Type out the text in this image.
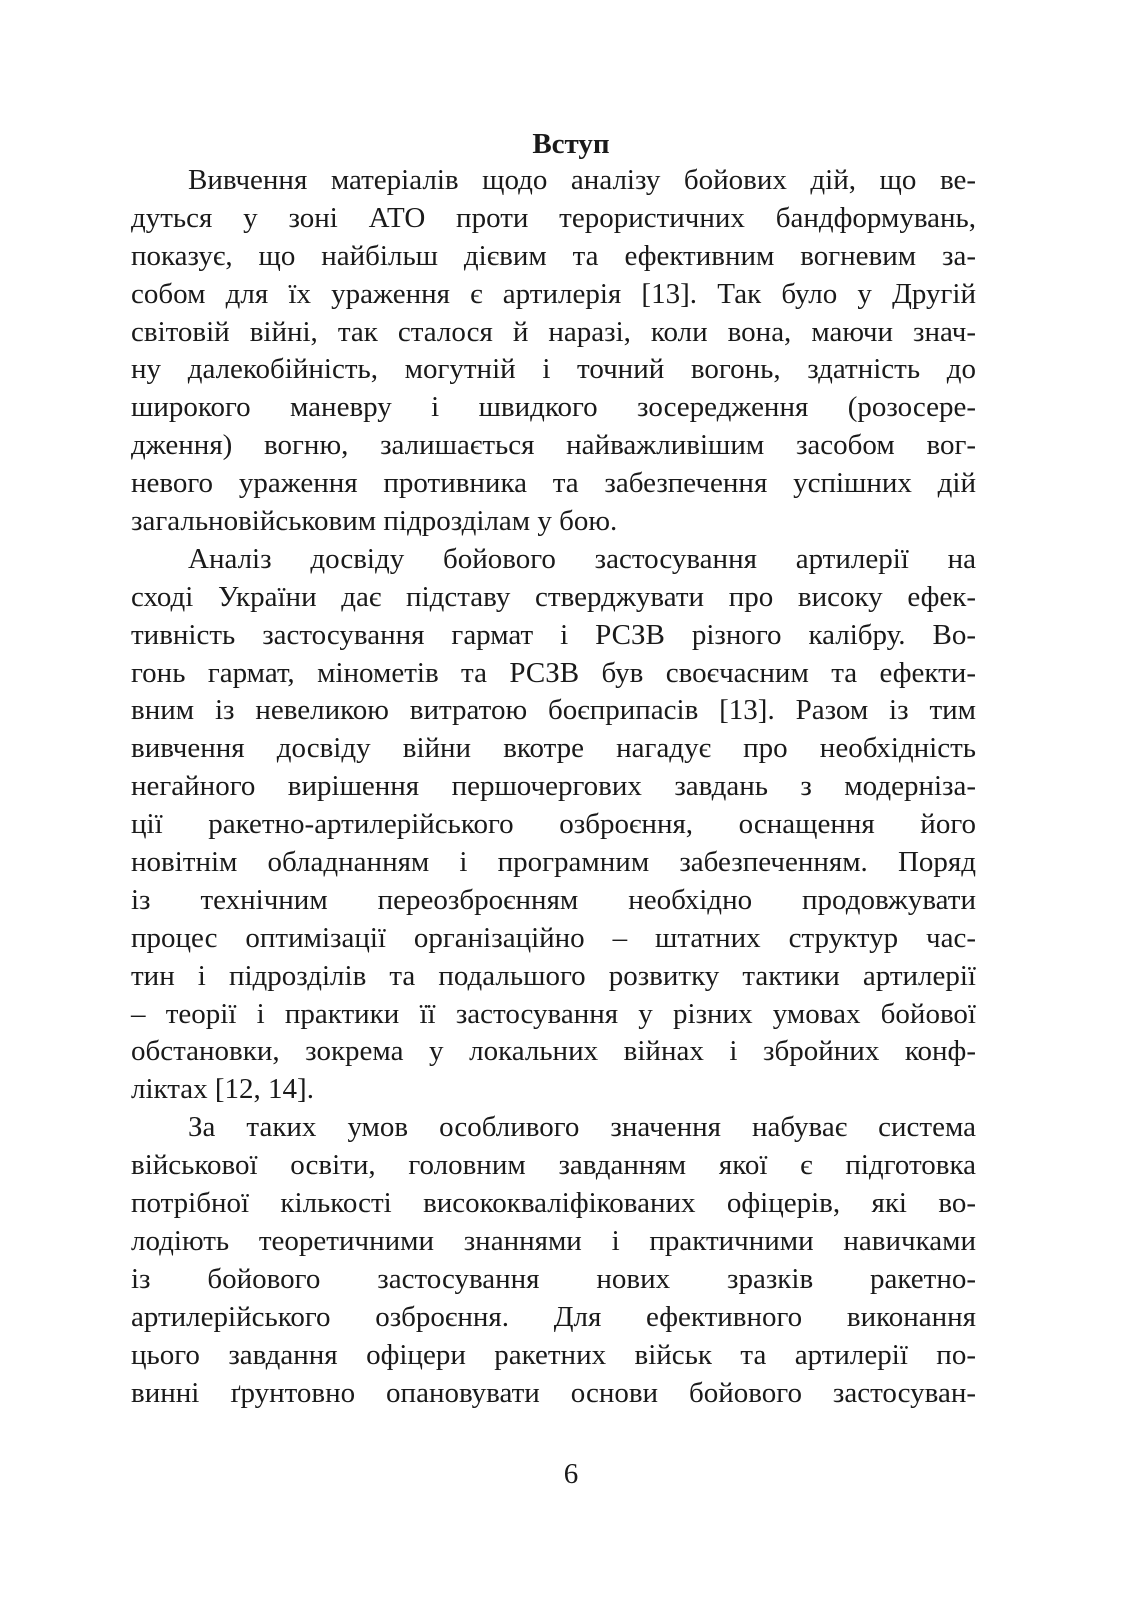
Вступ
Вивчення матеріалів щодо аналізу бойових дій, що ве-
дуться у зоні АТО проти терористичних бандформувань,
показує, що найбільш дієвим та ефективним вогневим за-
собом для їх ураження є артилерія [13]. Так було у Другій
світовій війні, так сталося й наразі, коли вона, маючи знач-
ну далекобійність, могутній і точний вогонь, здатність до
широкого маневру і швидкого зосередження (розосере-
дження) вогню, залишається найважливішим засобом вог-
невого ураження противника та забезпечення успішних дій
загальновійськовим підрозділам у бою.
Аналіз досвіду бойового застосування артилерії на
сході України дає підставу стверджувати про високу ефек-
тивність застосування гармат і РСЗВ різного калібру. Во-
гонь гармат, мінометів та РСЗВ був своєчасним та ефекти-
вним із невеликою витратою боєприпасів [13]. Разом із тим
вивчення досвіду війни вкотре нагадує про необхідність
негайного вирішення першочергових завдань з модернiза-
ції ракетно-артилерійського озброєння, оснащення його
новітнім обладнанням і програмним забезпеченням. Поряд
із технічним переозброєнням необхідно продовжувати
процес оптимізації організаційно – штатних структур час-
тин і підрозділів та подальшого розвитку тактики артилерії
– теорії і практики її застосування у різних умовах бойової
обстановки, зокрема у локальних війнах і збройних конф-
ліктах [12, 14].
За таких умов особливого значення набуває система
військової освіти, головним завданням якої є підготовка
потрібної кількості висококваліфікованих офіцерів, які во-
лодіють теоретичними знаннями і практичними навичками
із бойового застосування нових зразків ракетно-
артилерійського озброєння. Для ефективного виконання
цього завдання офіцери ракетних військ та артилерії по-
винні ґрунтовно опановувати основи бойового застосуван-
6
